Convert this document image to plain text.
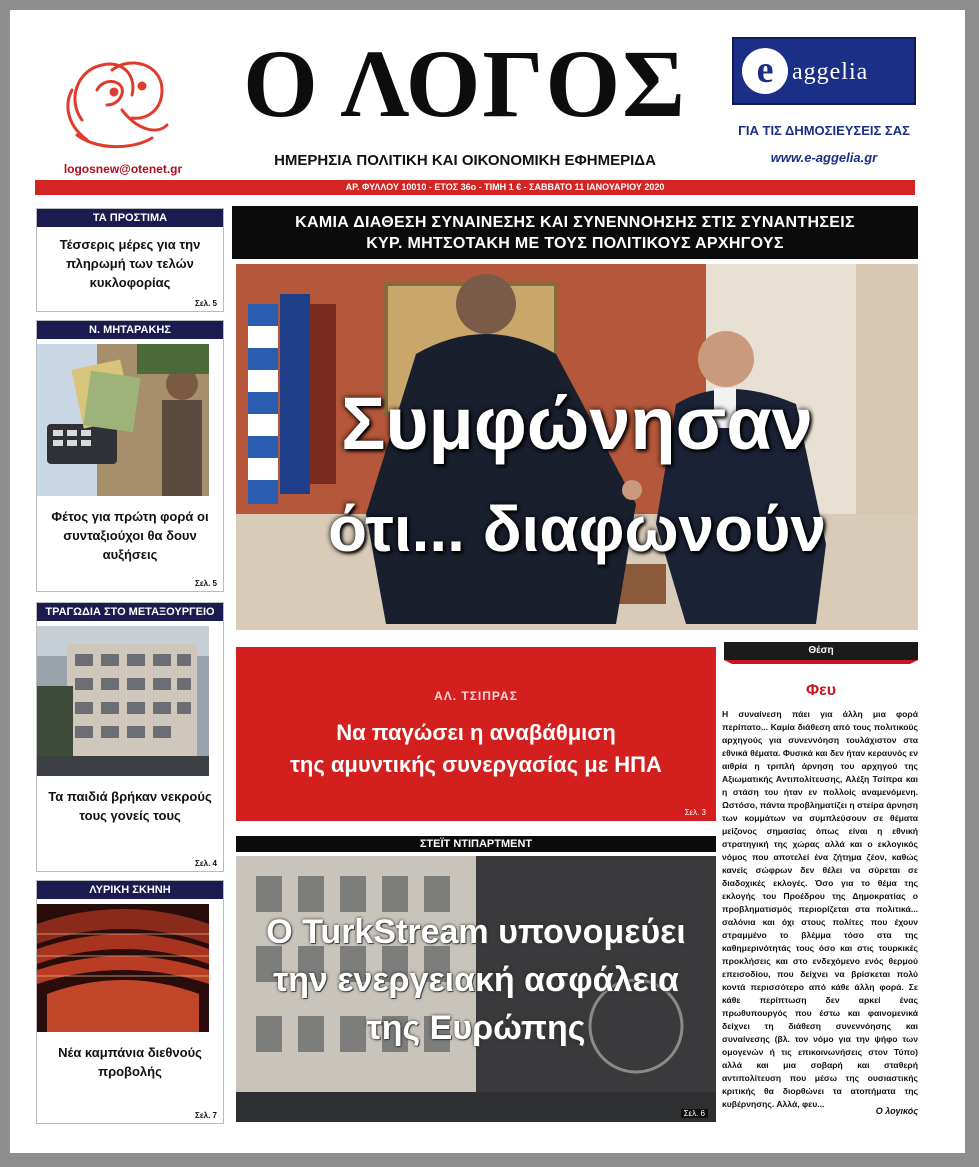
logosnew@otenet.gr
Ο ΛΟΓΟΣ
ΗΜΕΡΗΣΙΑ ΠΟΛΙΤΙΚΗ ΚΑΙ ΟΙΚΟΝΟΜΙΚΗ ΕΦΗΜΕΡΙΔΑ
e aggelia
ΓΙΑ ΤΙΣ ΔΗΜΟΣΙΕΥΣΕΙΣ ΣΑΣ
www.e-aggelia.gr
ΑΡ. ΦΥΛΛΟΥ 10010 - ΕΤΟΣ 36ο - ΤΙΜΗ 1 € - ΣΑΒΒΑΤΟ 11 ΙΑΝΟΥΑΡΙΟΥ 2020
ΤΑ ΠΡΟΣΤΙΜΑ
Τέσσερις μέρες για την πληρωμή των τελών κυκλοφορίας
Σελ. 5
Ν. ΜΗΤΑΡΑΚΗΣ
Φέτος για πρώτη φορά οι συνταξιούχοι θα δουν αυξήσεις
Σελ. 5
ΤΡΑΓΩΔΙΑ ΣΤΟ ΜΕΤΑΞΟΥΡΓΕΙΟ
Τα παιδιά βρήκαν νεκρούς τους γονείς τους
Σελ. 4
ΛΥΡΙΚΗ ΣΚΗΝΗ
Νέα καμπάνια διεθνούς προβολής
Σελ. 7
ΚΑΜΙΑ ΔΙΑΘΕΣΗ ΣΥΝΑΙΝΕΣΗΣ ΚΑΙ ΣΥΝΕΝΝΟΗΣΗΣ ΣΤΙΣ ΣΥΝΑΝΤΗΣΕΙΣ
ΚΥΡ. ΜΗΤΣΟΤΑΚΗ ΜΕ ΤΟΥΣ ΠΟΛΙΤΙΚΟΥΣ ΑΡΧΗΓΟΥΣ
Συμφώνησαν
ότι... διαφωνούν
ΑΛ. ΤΣΙΠΡΑΣ
Να παγώσει η αναβάθμιση
της αμυντικής συνεργασίας με ΗΠΑ
Σελ. 3
ΣΤΕΪΤ ΝΤΙΠΑΡΤΜΕΝΤ
Ο TurkStream υπονομεύει
την ενεργειακή ασφάλεια
της Ευρώπης
Σελ. 6
Θέση
Φευ
Η συναίνεση πάει για άλλη μια φορά περίπατο... Καμία διάθεση από τους πολιτικούς αρχηγούς για συνεννόηση τουλάχιστον στα εθνικά θέματα. Φυσικά και δεν ήταν κεραυνός εν αιθρία η τριπλή άρνηση του αρχηγού της Αξιωματικής Αντιπολίτευσης, Αλέξη Τσίπρα και η στάση του ήταν εν πολλοίς αναμενόμενη. Ωστόσο, πάντα προβληματίζει η στείρα άρνηση των κομμάτων να συμπλεύσουν σε θέματα μείζονος σημασίας όπως είναι η εθνική στρατηγική της χώρας αλλά και ο εκλογικός νόμος που αποτελεί ένα ζήτημα ζέον, καθώς κανείς σώφρων δεν θέλει να σύρεται σε διαδοχικές εκλογές. Όσο για το θέμα της εκλογής του Προέδρου της Δημοκρατίας ο προβληματισμός περιορίζεται στα πολιτικά... σαλόνια και όχι στους πολίτες που έχουν στραμμένο το βλέμμα τόσο στα της καθημερινότητάς τους όσο και στις τουρκικές προκλήσεις και στο ενδεχόμενο ενός θερμού επεισοδίου, που δείχνει να βρίσκεται πολύ κοντά περισσότερο από κάθε άλλη φορά. Σε κάθε περίπτωση δεν αρκεί ένας πρωθυπουργός που έστω και φαινομενικά δείχνει τη διάθεση συνεννόησης και συναίνεσης (βλ. τον νόμο για την ψήφο των ομογενών ή τις επικοινωνήσεις στον Τύπο) αλλά και μια σοβαρή και σταθερή αντιπολίτευση που μέσω της ουσιαστικής κριτικής θα διορθώνει τα ατοπήματα της κυβέρνησης. Αλλά, φευ...
Ο λογικός
